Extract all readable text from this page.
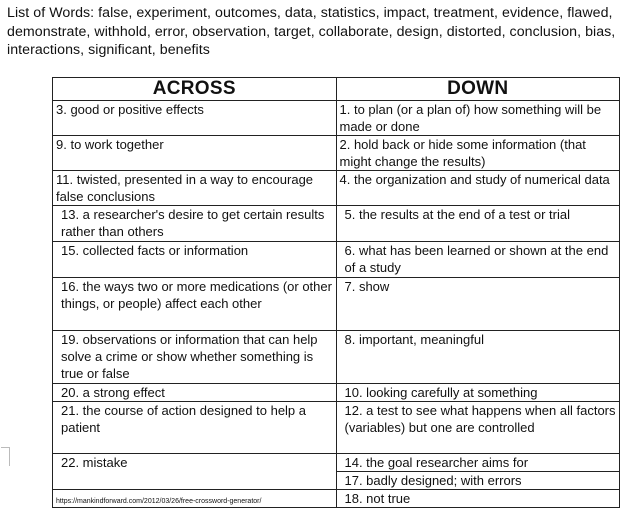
List of Words: false, experiment, outcomes, data, statistics, impact, treatment, evidence, flawed, demonstrate, withhold, error, observation, target, collaborate, design, distorted, conclusion, bias, interactions, significant, benefits
ACROSS	DOWN
3. good or positive effects	1. to plan (or a plan of) how something will be made or done
9. to work together	2. hold back or hide some information (that might change the results)
11. twisted, presented in a way to encourage false conclusions	4. the organization and study of numerical data
13. a researcher's desire to get certain results rather than others	5. the results at the end of a test or trial
15. collected facts or information	6. what has been learned or shown at the end of a study
16. the ways two or more medications (or other things, or people) affect each other	7. show
19. observations or information that can help solve a crime or show whether something is true or false	8. important, meaningful
20. a strong effect	10. looking carefully at something
21. the course of action designed to help a patient	12. a test to see what happens when all factors (variables) but one are controlled
22. mistake	14. the goal researcher aims for
	17. badly designed; with errors
https://mankindforward.com/2012/03/26/free-crossword-generator/	18. not true
